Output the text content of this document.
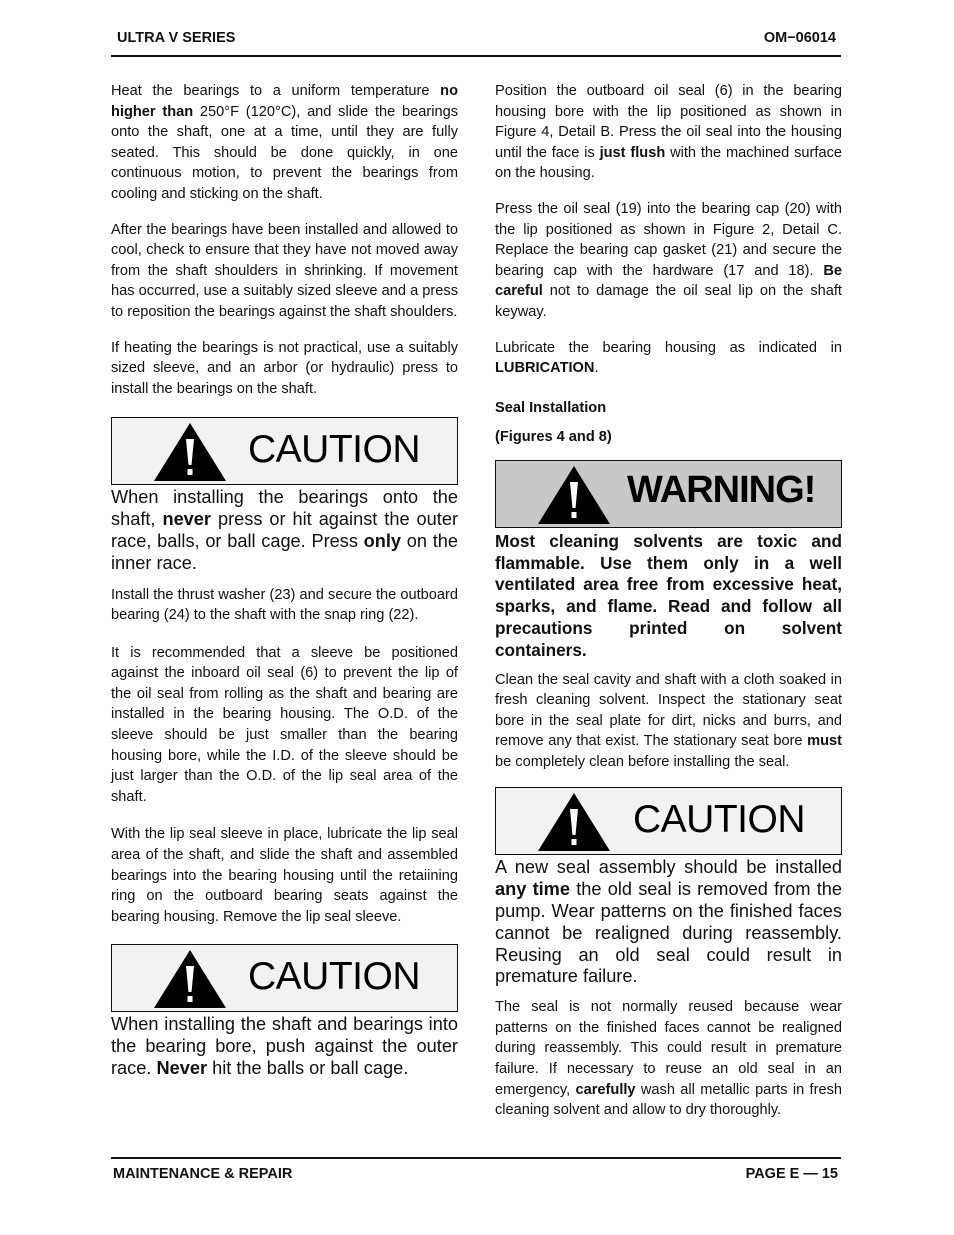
ULTRA V SERIES	OM−06014

Heat the bearings to a uniform temperature no higher than 250°F (120°C), and slide the bearings onto the shaft, one at a time, until they are fully seated. This should be done quickly, in one continuous motion, to prevent the bearings from cooling and sticking on the shaft.

After the bearings have been installed and allowed to cool, check to ensure that they have not moved away from the shaft shoulders in shrinking. If movement has occurred, use a suitably sized sleeve and a press to reposition the bearings against the shaft shoulders.

If heating the bearings is not practical, use a suitably sized sleeve, and an arbor (or hydraulic) press to install the bearings on the shaft.

CAUTION

When installing the bearings onto the shaft, never press or hit against the outer race, balls, or ball cage. Press only on the inner race.

Install the thrust washer (23) and secure the outboard bearing (24) to the shaft with the snap ring (22).

It is recommended that a sleeve be positioned against the inboard oil seal (6) to prevent the lip of the oil seal from rolling as the shaft and bearing are installed in the bearing housing. The O.D. of the sleeve should be just smaller than the bearing housing bore, while the I.D. of the sleeve should be just larger than the O.D. of the lip seal area of the shaft.

With the lip seal sleeve in place, lubricate the lip seal area of the shaft, and slide the shaft and assembled bearings into the bearing housing until the retaiining ring on the outboard bearing seats against the bearing housing. Remove the lip seal sleeve.

CAUTION

When installing the shaft and bearings into the bearing bore, push against the outer race. Never hit the balls or ball cage.

Position the outboard oil seal (6) in the bearing housing bore with the lip positioned as shown in Figure 4, Detail B. Press the oil seal into the housing until the face is just flush with the machined surface on the housing.

Press the oil seal (19) into the bearing cap (20) with the lip positioned as shown in Figure 2, Detail C. Replace the bearing cap gasket (21) and secure the bearing cap with the hardware (17 and 18). Be careful not to damage the oil seal lip on the shaft keyway.

Lubricate the bearing housing as indicated in LUBRICATION.

Seal Installation

(Figures 4 and 8)

WARNING!

Most cleaning solvents are toxic and flammable. Use them only in a well ventilated area free from excessive heat, sparks, and flame. Read and follow all precautions printed on solvent containers.

Clean the seal cavity and shaft with a cloth soaked in fresh cleaning solvent. Inspect the stationary seat bore in the seal plate for dirt, nicks and burrs, and remove any that exist. The stationary seat bore must be completely clean before installing the seal.

CAUTION

A new seal assembly should be installed any time the old seal is removed from the pump. Wear patterns on the finished faces cannot be realigned during reassembly. Reusing an old seal could result in premature failure.

The seal is not normally reused because wear patterns on the finished faces cannot be realigned during reassembly. This could result in premature failure. If necessary to reuse an old seal in an emergency, carefully wash all metallic parts in fresh cleaning solvent and allow to dry thoroughly.

MAINTENANCE & REPAIR	PAGE E — 15
